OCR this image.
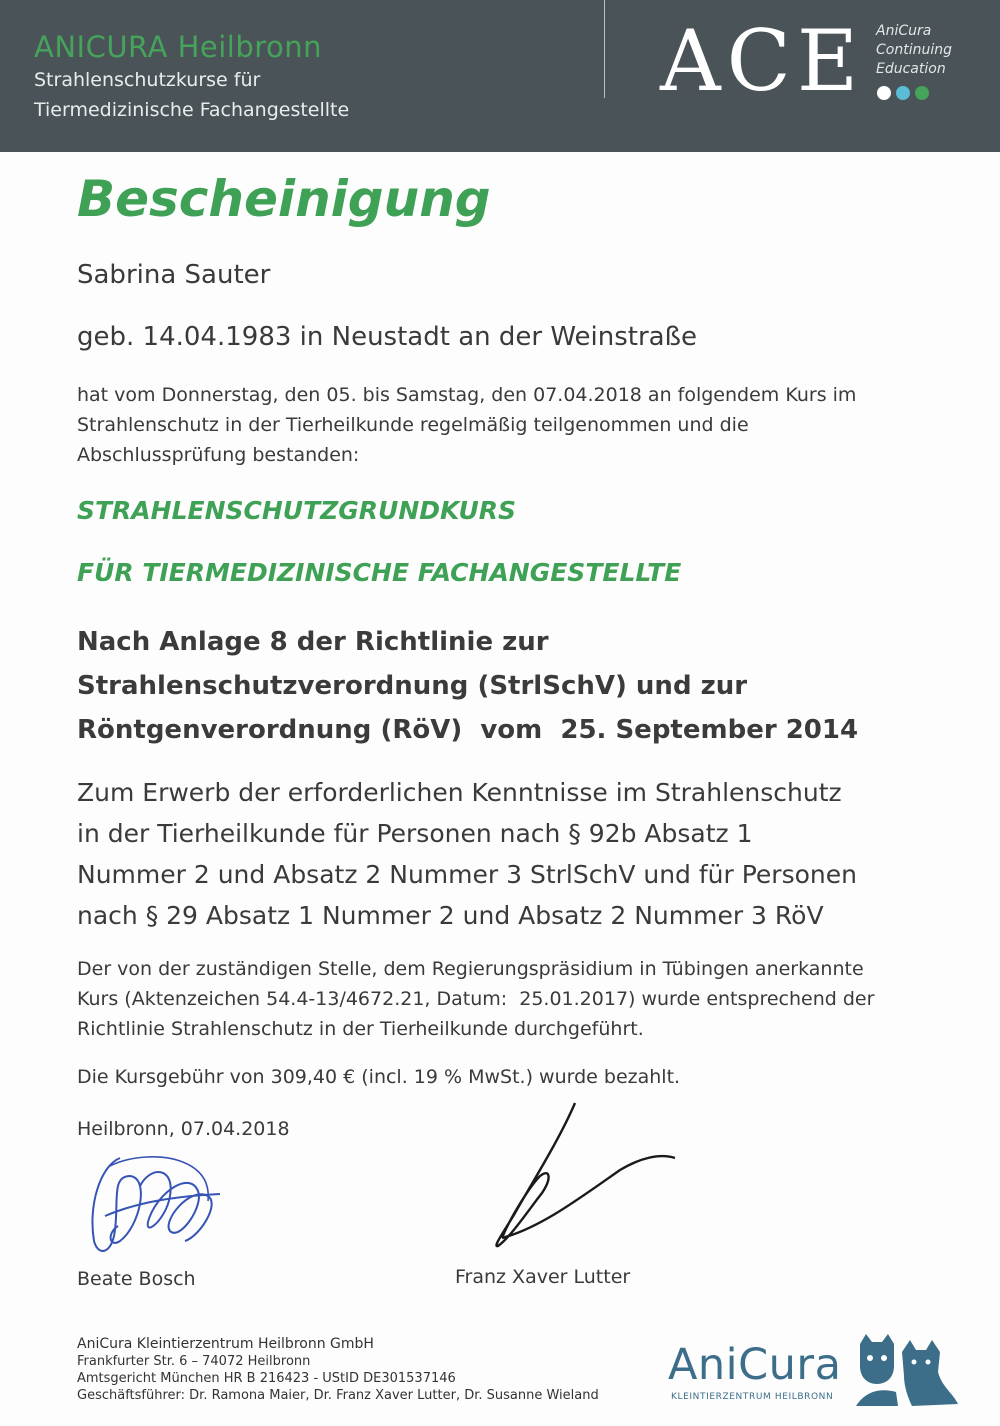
ANICURA Heilbronn
Strahlenschutzkurse für
Tiermedizinische Fachangestellte	ACE AniCura
Continuing
Education
Bescheinigung
Sabrina Sauter
geb. 14.04.1983 in Neustadt an der Weinstraße
hat vom Donnerstag, den 05. bis Samstag, den 07.04.2018 an folgendem Kurs im
Strahlenschutz in der Tierheilkunde regelmäßig teilgenommen und die
Abschlussprüfung bestanden:
STRAHLENSCHUTZGRUNDKURS
FÜR TIERMEDIZINISCHE FACHANGESTELLTE
Nach Anlage 8 der Richtlinie zur
Strahlenschutzverordnung (StrlSchV) und zur
Röntgenverordnung (RöV)  vom  25. September 2014
Zum Erwerb der erforderlichen Kenntnisse im Strahlenschutz
in der Tierheilkunde für Personen nach § 92b Absatz 1
Nummer 2 und Absatz 2 Nummer 3 StrlSchV und für Personen
nach § 29 Absatz 1 Nummer 2 und Absatz 2 Nummer 3 RöV
Der von der zuständigen Stelle, dem Regierungspräsidium in Tübingen anerkannte
Kurs (Aktenzeichen 54.4-13/4672.21, Datum:  25.01.2017) wurde entsprechend der
Richtlinie Strahlenschutz in der Tierheilkunde durchgeführt.
Die Kursgebühr von 309,40 € (incl. 19 % MwSt.) wurde bezahlt.
Heilbronn, 07.04.2018
Beate Bosch	Franz Xaver Lutter
AniCura Kleintierzentrum Heilbronn GmbH
Frankfurter Str. 6 – 74072 Heilbronn
Amtsgericht München HR B 216423 - UStID DE301537146
Geschäftsführer: Dr. Ramona Maier, Dr. Franz Xaver Lutter, Dr. Susanne Wieland
AniCura
KLEINTIERZENTRUM HEILBRONN
